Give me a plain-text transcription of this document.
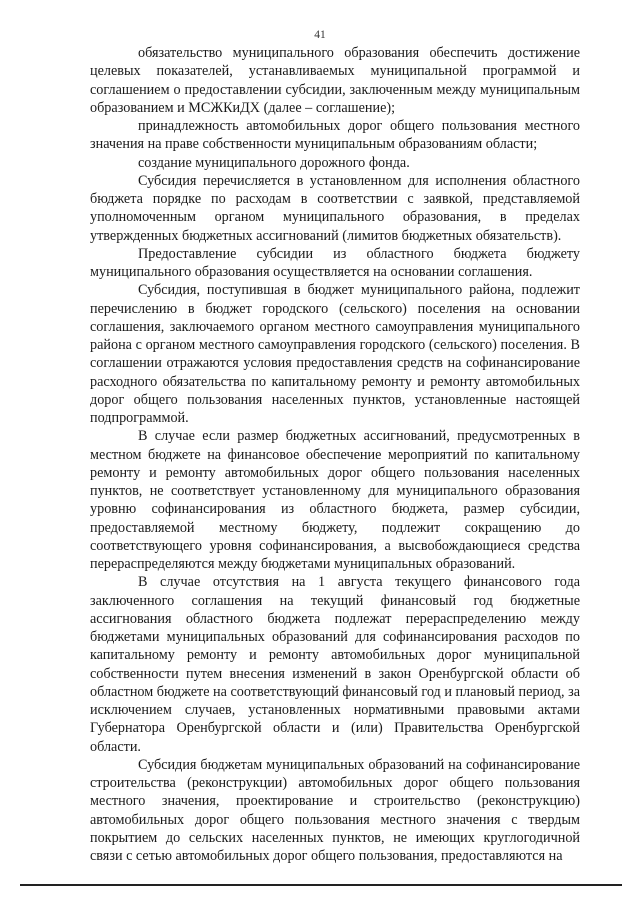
41

обязательство муниципального образования обеспечить достижение целевых показателей, устанавливаемых муниципальной программой и соглашением о предоставлении субсидии, заключенным между муниципальным образованием и МСЖКиДХ (далее – соглашение);

принадлежность автомобильных дорог общего пользования местного значения на праве собственности муниципальным образованиям области;

создание муниципального дорожного фонда.

Субсидия перечисляется в установленном для исполнения областного бюджета порядке по расходам в соответствии с заявкой, представляемой уполномоченным органом муниципального образования, в пределах утвержденных бюджетных ассигнований (лимитов бюджетных обязательств).

Предоставление субсидии из областного бюджета бюджету муниципального образования осуществляется на основании соглашения.

Субсидия, поступившая в бюджет муниципального района, подлежит перечислению в бюджет городского (сельского) поселения на основании соглашения, заключаемого органом местного самоуправления муниципального района с органом местного самоуправления городского (сельского) поселения. В соглашении отражаются условия предоставления средств на софинансирование расходного обязательства по капитальному ремонту и ремонту автомобильных дорог общего пользования населенных пунктов, установленные настоящей подпрограммой.

В случае если размер бюджетных ассигнований, предусмотренных в местном бюджете на финансовое обеспечение мероприятий по капитальному ремонту и ремонту автомобильных дорог общего пользования населенных пунктов, не соответствует установленному для муниципального образования уровню софинансирования из областного бюджета, размер субсидии, предоставляемой местному бюджету, подлежит сокращению до соответствующего уровня софинансирования, а высвобождающиеся средства перераспределяются между бюджетами муниципальных образований.

В случае отсутствия на 1 августа текущего финансового года заключенного соглашения на текущий финансовый год бюджетные ассигнования областного бюджета подлежат перераспределению между бюджетами муниципальных образований для софинансирования расходов по капитальному ремонту и ремонту автомобильных дорог муниципальной собственности путем внесения изменений в закон Оренбургской области об областном бюджете на соответствующий финансовый год и плановый период, за исключением случаев, установленных нормативными правовыми актами Губернатора Оренбургской области и (или) Правительства Оренбургской области.

Субсидия бюджетам муниципальных образований на софинансирование строительства (реконструкции) автомобильных дорог общего пользования местного значения, проектирование и строительство (реконструкцию) автомобильных дорог общего пользования местного значения с твердым покрытием до сельских населенных пунктов, не имеющих круглогодичной связи с сетью автомобильных дорог общего пользования, предоставляются на
